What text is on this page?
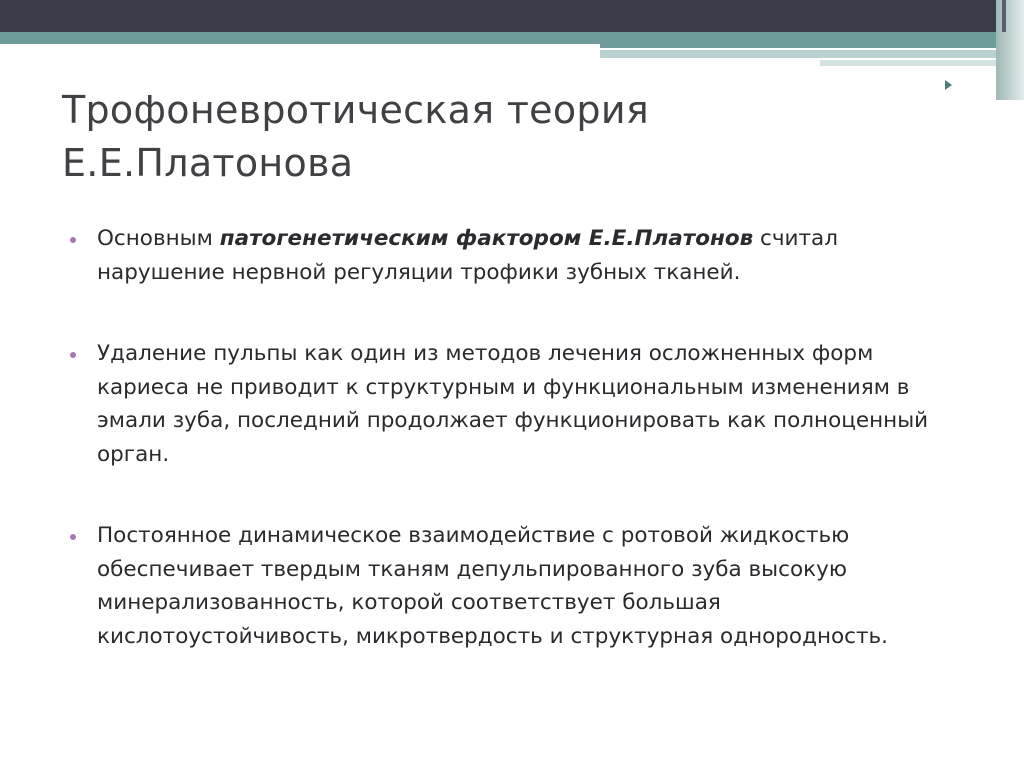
Трофоневротическая теория
Е.Е.Платонова
Основным патогенетическим фактором Е.Е.Платонов считал нарушение нервной регуляции трофики зубных тканей.
Удаление пульпы как один из методов лечения осложненных форм кариеса не приводит к структурным и функциональным изменениям в эмали зуба, последний продолжает функционировать как полноценный орган.
Постоянное динамическое взаимодействие с ротовой жидкостью обеспечивает твердым тканям депульпированного зуба высокую минерализованность, которой соответствует большая кислотоустойчивость, микротвердость и структурная однородность.
